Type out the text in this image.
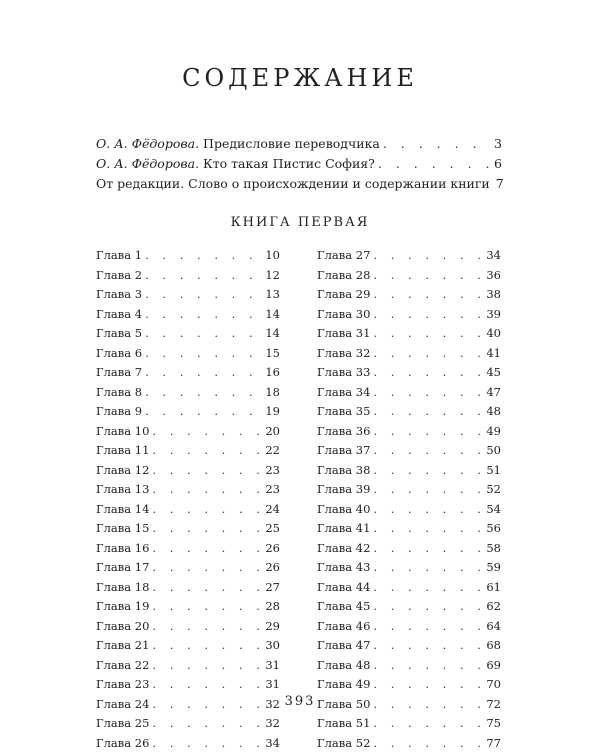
СОДЕРЖАНИЕ
О. А. Фёдорова. Предисловие переводчика . . .	3
О. А. Фёдорова. Кто такая Пистис София? . . .	6
От редакции. Слово о происхождении и содержании книги 7
КНИГА ПЕРВАЯ
Глава 1 . . .	10
Глава 2 . . .	12
Глава 3 . . .	13
Глава 4 . . .	14
Глава 5 . . .	14
Глава 6 . . .	15
Глава 7 . . .	16
Глава 8 . . .	18
Глава 9 . . .	19
Глава 10 . . .	20
Глава 11 . . .	22
Глава 12 . . .	23
Глава 13 . . .	23
Глава 14 . . .	24
Глава 15 . . .	25
Глава 16 . . .	26
Глава 17 . . .	26
Глава 18 . . .	27
Глава 19 . . .	28
Глава 20 . . .	29
Глава 21 . . .	30
Глава 22 . . .	31
Глава 23 . . .	31
Глава 24 . . .	32
Глава 25 . . .	32
Глава 26 . . .	34
Глава 27 . . .	34
Глава 28 . . .	36
Глава 29 . . .	38
Глава 30 . . .	39
Глава 31 . . .	40
Глава 32 . . .	41
Глава 33 . . .	45
Глава 34 . . .	47
Глава 35 . . .	48
Глава 36 . . .	49
Глава 37 . . .	50
Глава 38 . . .	51
Глава 39 . . .	52
Глава 40 . . .	54
Глава 41 . . .	56
Глава 42 . . .	58
Глава 43 . . .	59
Глава 44 . . .	61
Глава 45 . . .	62
Глава 46 . . .	64
Глава 47 . . .	68
Глава 48 . . .	69
Глава 49 . . .	70
Глава 50 . . .	72
Глава 51 . . .	75
Глава 52 . . .	77
393
